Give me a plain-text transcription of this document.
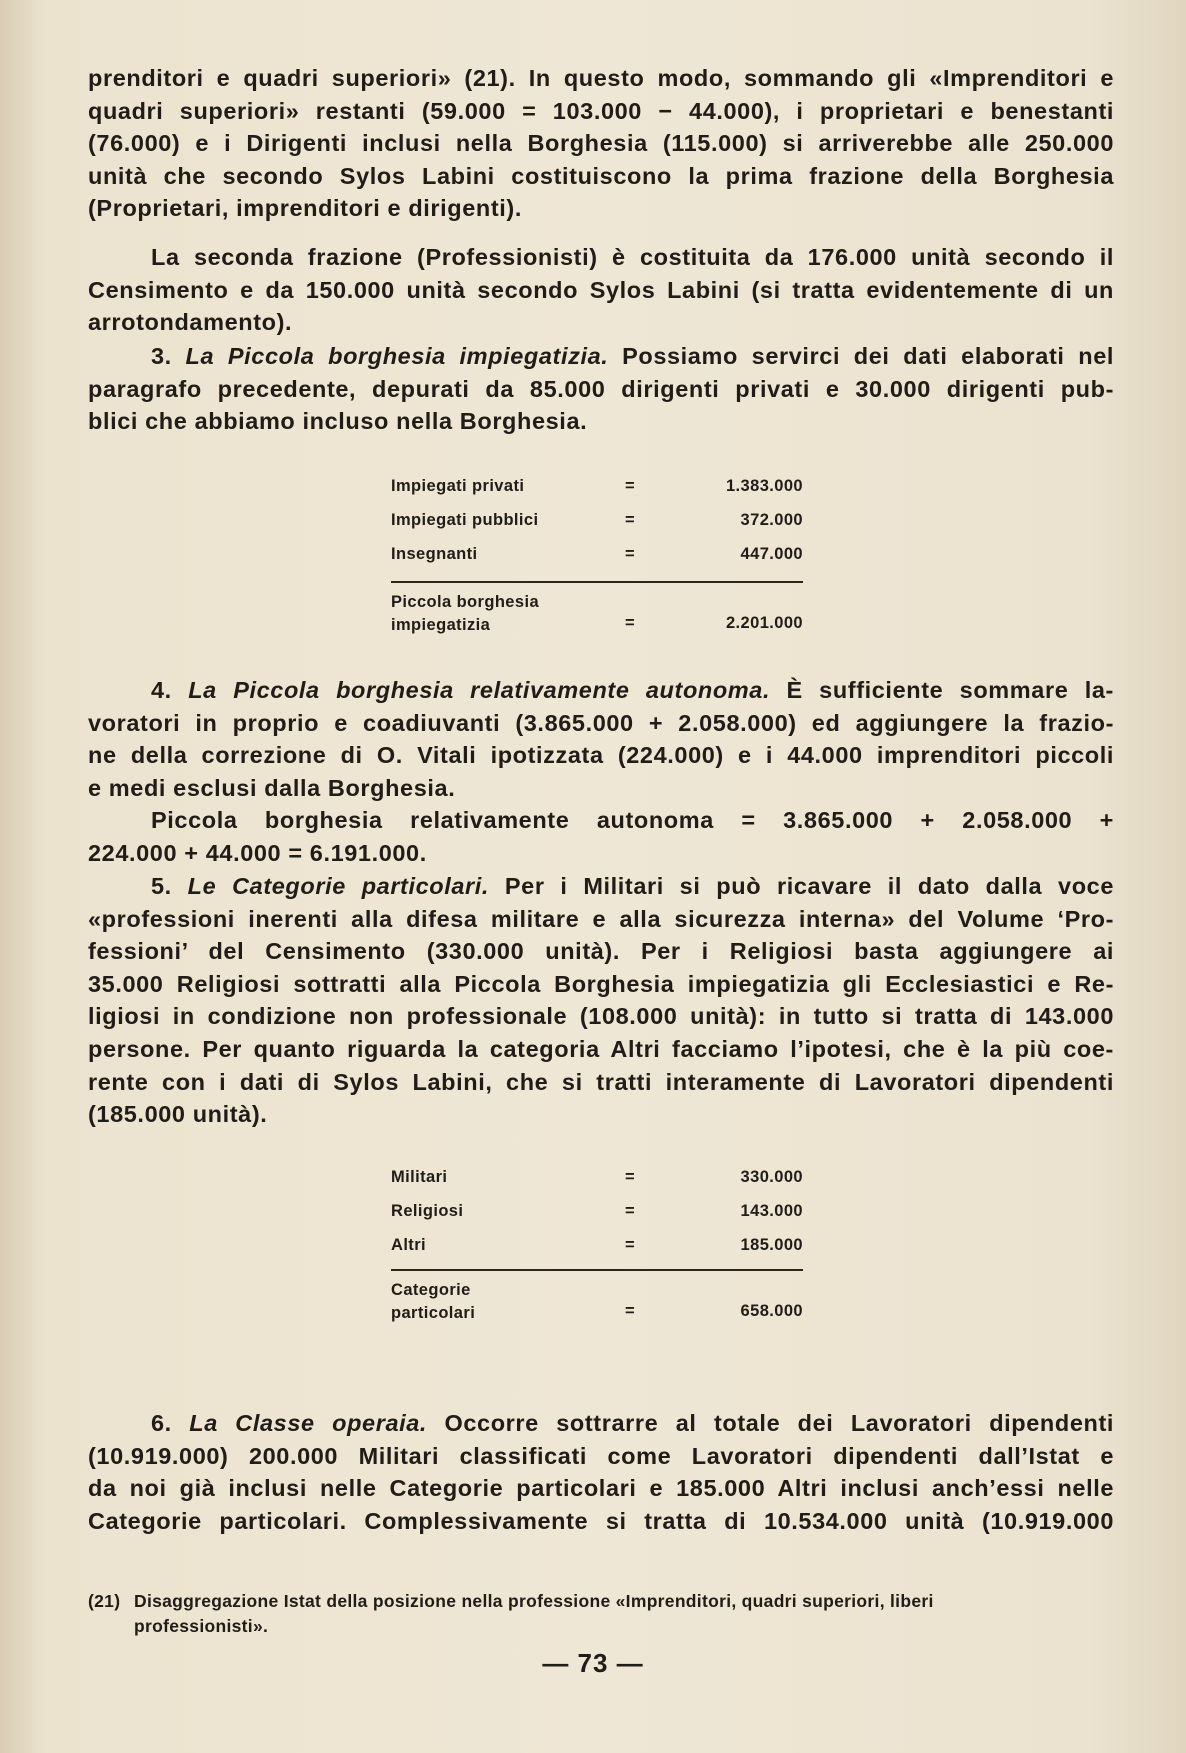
prenditori e quadri superiori» (21). In questo modo, sommando gli «Imprenditori e
quadri superiori» restanti (59.000 = 103.000 − 44.000), i proprietari e benestanti
(76.000) e i Dirigenti inclusi nella Borghesia (115.000) si arriverebbe alle 250.000
unità che secondo Sylos Labini costituiscono la prima frazione della Borghesia
(Proprietari, imprenditori e dirigenti).
La seconda frazione (Professionisti) è costituita da 176.000 unità secondo il
Censimento e da 150.000 unità secondo Sylos Labini (si tratta evidentemente di un
arrotondamento).
3. La Piccola borghesia impiegatizia. Possiamo servirci dei dati elaborati nel
paragrafo precedente, depurati da 85.000 dirigenti privati e 30.000 dirigenti pub-
blici che abbiamo incluso nella Borghesia.
Impiegati privati	=	1.383.000
Impiegati pubblici	=	372.000
Insegnanti	=	447.000
Piccola borghesia
impiegatizia	=	2.201.000
4. La Piccola borghesia relativamente autonoma. È sufficiente sommare la-
voratori in proprio e coadiuvanti (3.865.000 + 2.058.000) ed aggiungere la frazio-
ne della correzione di O. Vitali ipotizzata (224.000) e i 44.000 imprenditori piccoli
e medi esclusi dalla Borghesia.
Piccola borghesia relativamente autonoma = 3.865.000 + 2.058.000 +
224.000 + 44.000 = 6.191.000.
5. Le Categorie particolari. Per i Militari si può ricavare il dato dalla voce
«professioni inerenti alla difesa militare e alla sicurezza interna» del Volume ‘Pro-
fessioni’ del Censimento (330.000 unità). Per i Religiosi basta aggiungere ai
35.000 Religiosi sottratti alla Piccola Borghesia impiegatizia gli Ecclesiastici e Re-
ligiosi in condizione non professionale (108.000 unità): in tutto si tratta di 143.000
persone. Per quanto riguarda la categoria Altri facciamo l’ipotesi, che è la più coe-
rente con i dati di Sylos Labini, che si tratti interamente di Lavoratori dipendenti
(185.000 unità).
Militari	=	330.000
Religiosi	=	143.000
Altri	=	185.000
Categorie
particolari	=	658.000
6. La Classe operaia. Occorre sottrarre al totale dei Lavoratori dipendenti
(10.919.000) 200.000 Militari classificati come Lavoratori dipendenti dall’Istat e
da noi già inclusi nelle Categorie particolari e 185.000 Altri inclusi anch’essi nelle
Categorie particolari. Complessivamente si tratta di 10.534.000 unità (10.919.000
(21) Disaggregazione Istat della posizione nella professione «Imprenditori, quadri superiori, liberi
professionisti».
— 73 —
